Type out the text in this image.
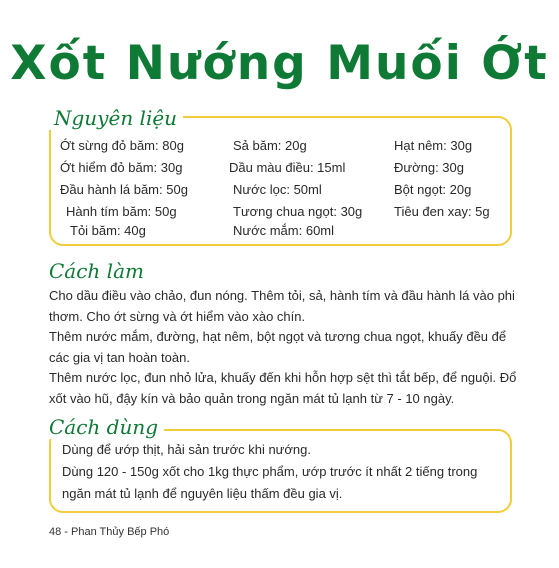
Xốt Nướng Muối Ớt
Nguyên liệu
Ớt sừng đỏ băm: 80g
Ớt hiểm đỏ băm: 30g
Đầu hành lá băm: 50g
Hành tím băm: 50g
Tỏi băm: 40g
Sả băm: 20g
Dầu màu điều: 15ml
Nước lọc: 50ml
Tương chua ngọt: 30g
Nước mắm: 60ml
Hạt nêm: 30g
Đường: 30g
Bột ngọt: 20g
Tiêu đen xay: 5g
Cách làm

Cho dầu điều vào chảo, đun nóng. Thêm tỏi, sả, hành tím và đầu hành lá vào phi thơm. Cho ớt sừng và ớt hiểm vào xào chín.

Thêm nước mắm, đường, hạt nêm, bột ngọt và tương chua ngọt, khuấy đều để các gia vị tan hoàn toàn.

Thêm nước lọc, đun nhỏ lửa, khuấy đến khi hỗn hợp sệt thì tắt bếp, để nguội. Đổ xốt vào hũ, đậy kín và bảo quản trong ngăn mát tủ lạnh từ 7 - 10 ngày.

Cách dùng

Dùng để ướp thịt, hải sản trước khi nướng.

Dùng 120 - 150g xốt cho 1kg thực phẩm, ướp trước ít nhất 2 tiếng trong ngăn mát tủ lạnh để nguyên liệu thấm đều gia vị.

48 - Phan Thủy Bếp Phó
